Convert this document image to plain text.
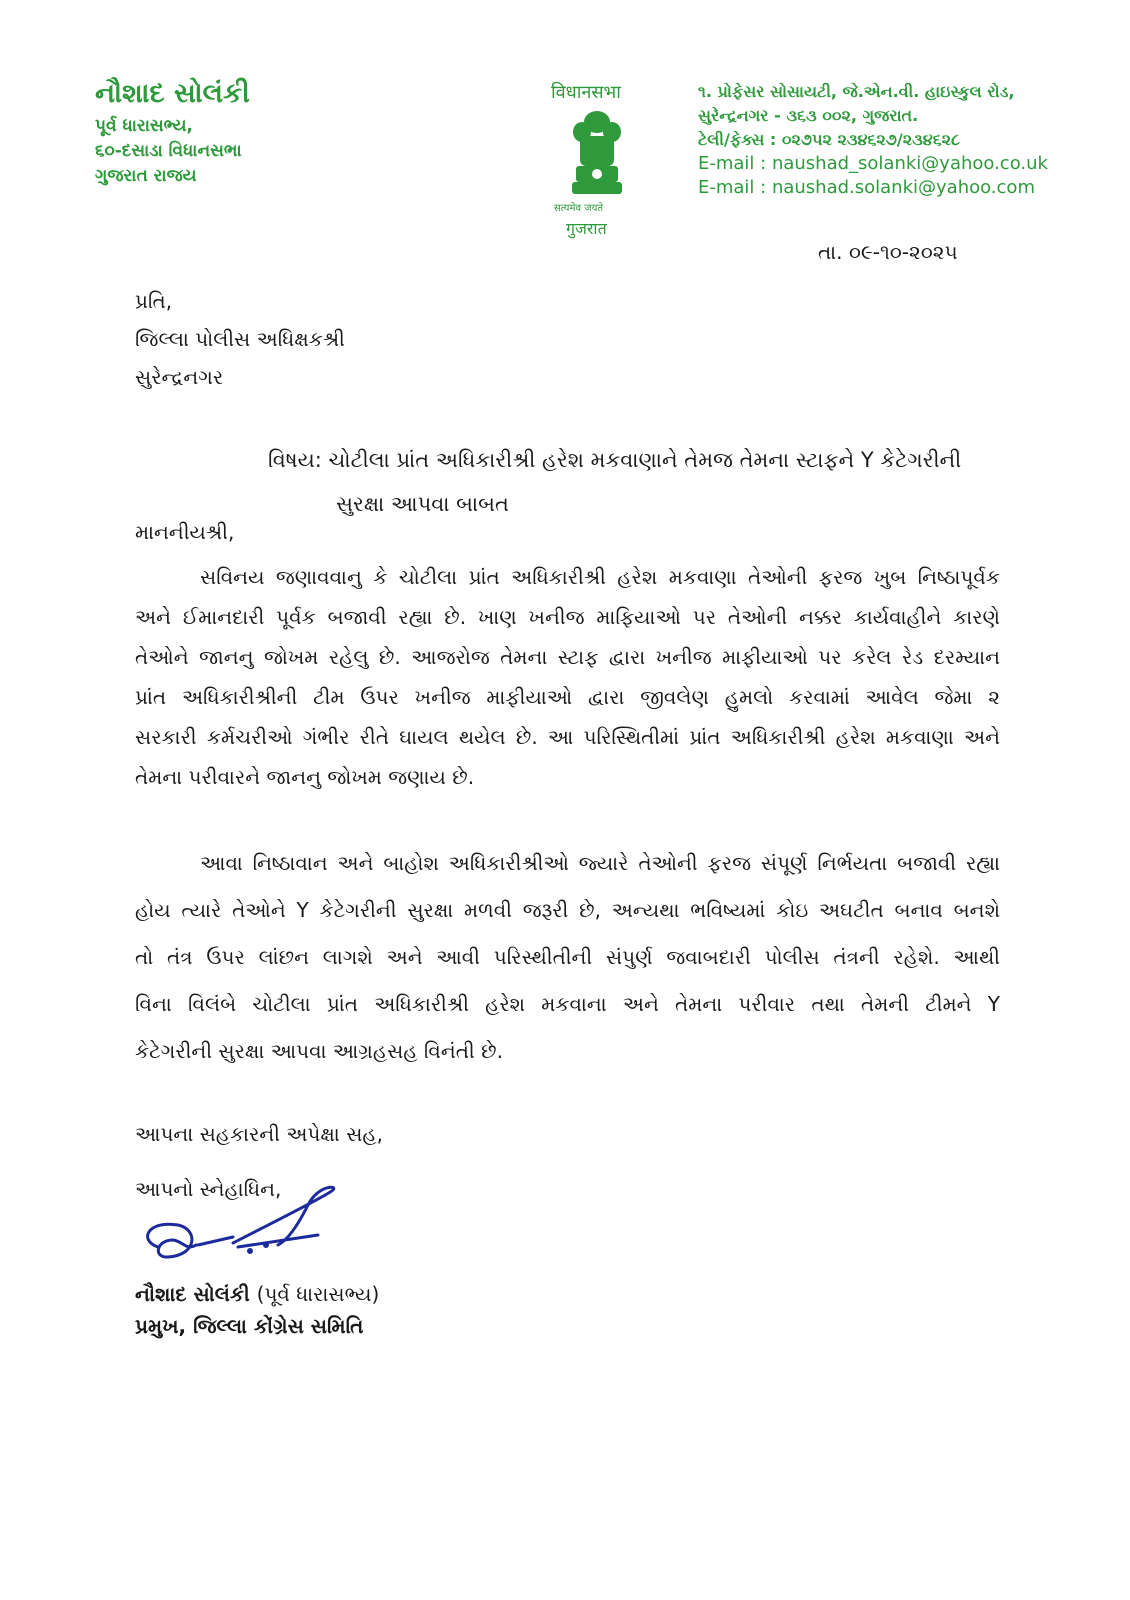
નૌશાદ સોલંકી
પૂર્વ ધારાસભ્ય,
૬૦-દસાડા વિધાનસભા
ગુજરાત રાજય
विधानसभा
सत्यमेव जयते
गुजरात
૧. પ્રોફેસર સોસાયટી, જે.એન.વી. હાઇસ્કુલ રોડ,
સુરેન્દ્રનગર - ૩૬૩ ૦૦૨, ગુજરાત.
ટેલી/ફેક્સ : ૦૨૭૫૨ ૨૩૪૬૨૭/૨૩૪૬૨૮
E-mail : naushad_solanki@yahoo.co.uk
E-mail : naushad.solanki@yahoo.com
તા. ૦૯-૧૦-૨૦૨૫
પ્રતિ,
જિલ્લા પોલીસ અધિક્ષકશ્રી
સુરેન્દ્રનગર
વિષય: ચોટીલા પ્રાંત અધિકારીશ્રી હરેશ મકવાણાને તેમજ તેમના સ્ટાફને Y કેટેગરીની
સુરક્ષા આપવા બાબત
માનનીયશ્રી,
સવિનય જણાવવાનુ કે ચોટીલા પ્રાંત અધિકારીશ્રી હરેશ મકવાણા તેઓની ફરજ ખુબ નિષ્ઠાપૂર્વક
અને ઈમાનદારી પૂર્વક બજાવી રહ્યા છે. ખાણ ખનીજ માફિયાઓ પર તેઓની નક્કર કાર્યવાહીને કારણે
તેઓને જાનનુ જોખમ રહેલુ છે. આજરોજ તેમના સ્ટાફ દ્વારા ખનીજ માફીયાઓ પર કરેલ રેડ દરમ્યાન
પ્રાંત અધિકારીશ્રીની ટીમ ઉપર ખનીજ માફીયાઓ દ્વારા જીવલેણ હુમલો કરવામાં આવેલ જેમા ૨
સરકારી કર્મચરીઓ ગંભીર રીતે ઘાયલ થયેલ છે. આ પરિસ્થિતીમાં પ્રાંત અધિકારીશ્રી હરેશ મકવાણા અને
તેમના પરીવારને જાનનુ જોખમ જણાય છે.
આવા નિષ્ઠાવાન અને બાહોશ અધિકારીશ્રીઓ જ્યારે તેઓની ફરજ સંપૂર્ણ નિર્ભયતા બજાવી રહ્યા
હોય ત્યારે તેઓને Y કેટેગરીની સુરક્ષા મળવી જરૂરી છે, અન્યથા ભવિષ્યમાં કોઇ અઘટીત બનાવ બનશે
તો તંત્ર ઉપર લાંછન લાગશે અને આવી પરિસ્થીતીની સંપુર્ણ જવાબદારી પોલીસ તંત્રની રહેશે. આથી
વિના વિલંબે ચોટીલા પ્રાંત અધિકારીશ્રી હરેશ મકવાના અને તેમના પરીવાર તથા તેમની ટીમને Y
કેટેગરીની સુરક્ષા આપવા આગ્રહસહ વિનંતી છે.
આપના સહકારની અપેક્ષા સહ,
આપનો સ્નેહાધિન,
નૌશાદ સોલંકી (પૂર્વ ધારાસભ્ય)
પ્રમુખ, જિલ્લા કોંગ્રેસ સમિતિ
